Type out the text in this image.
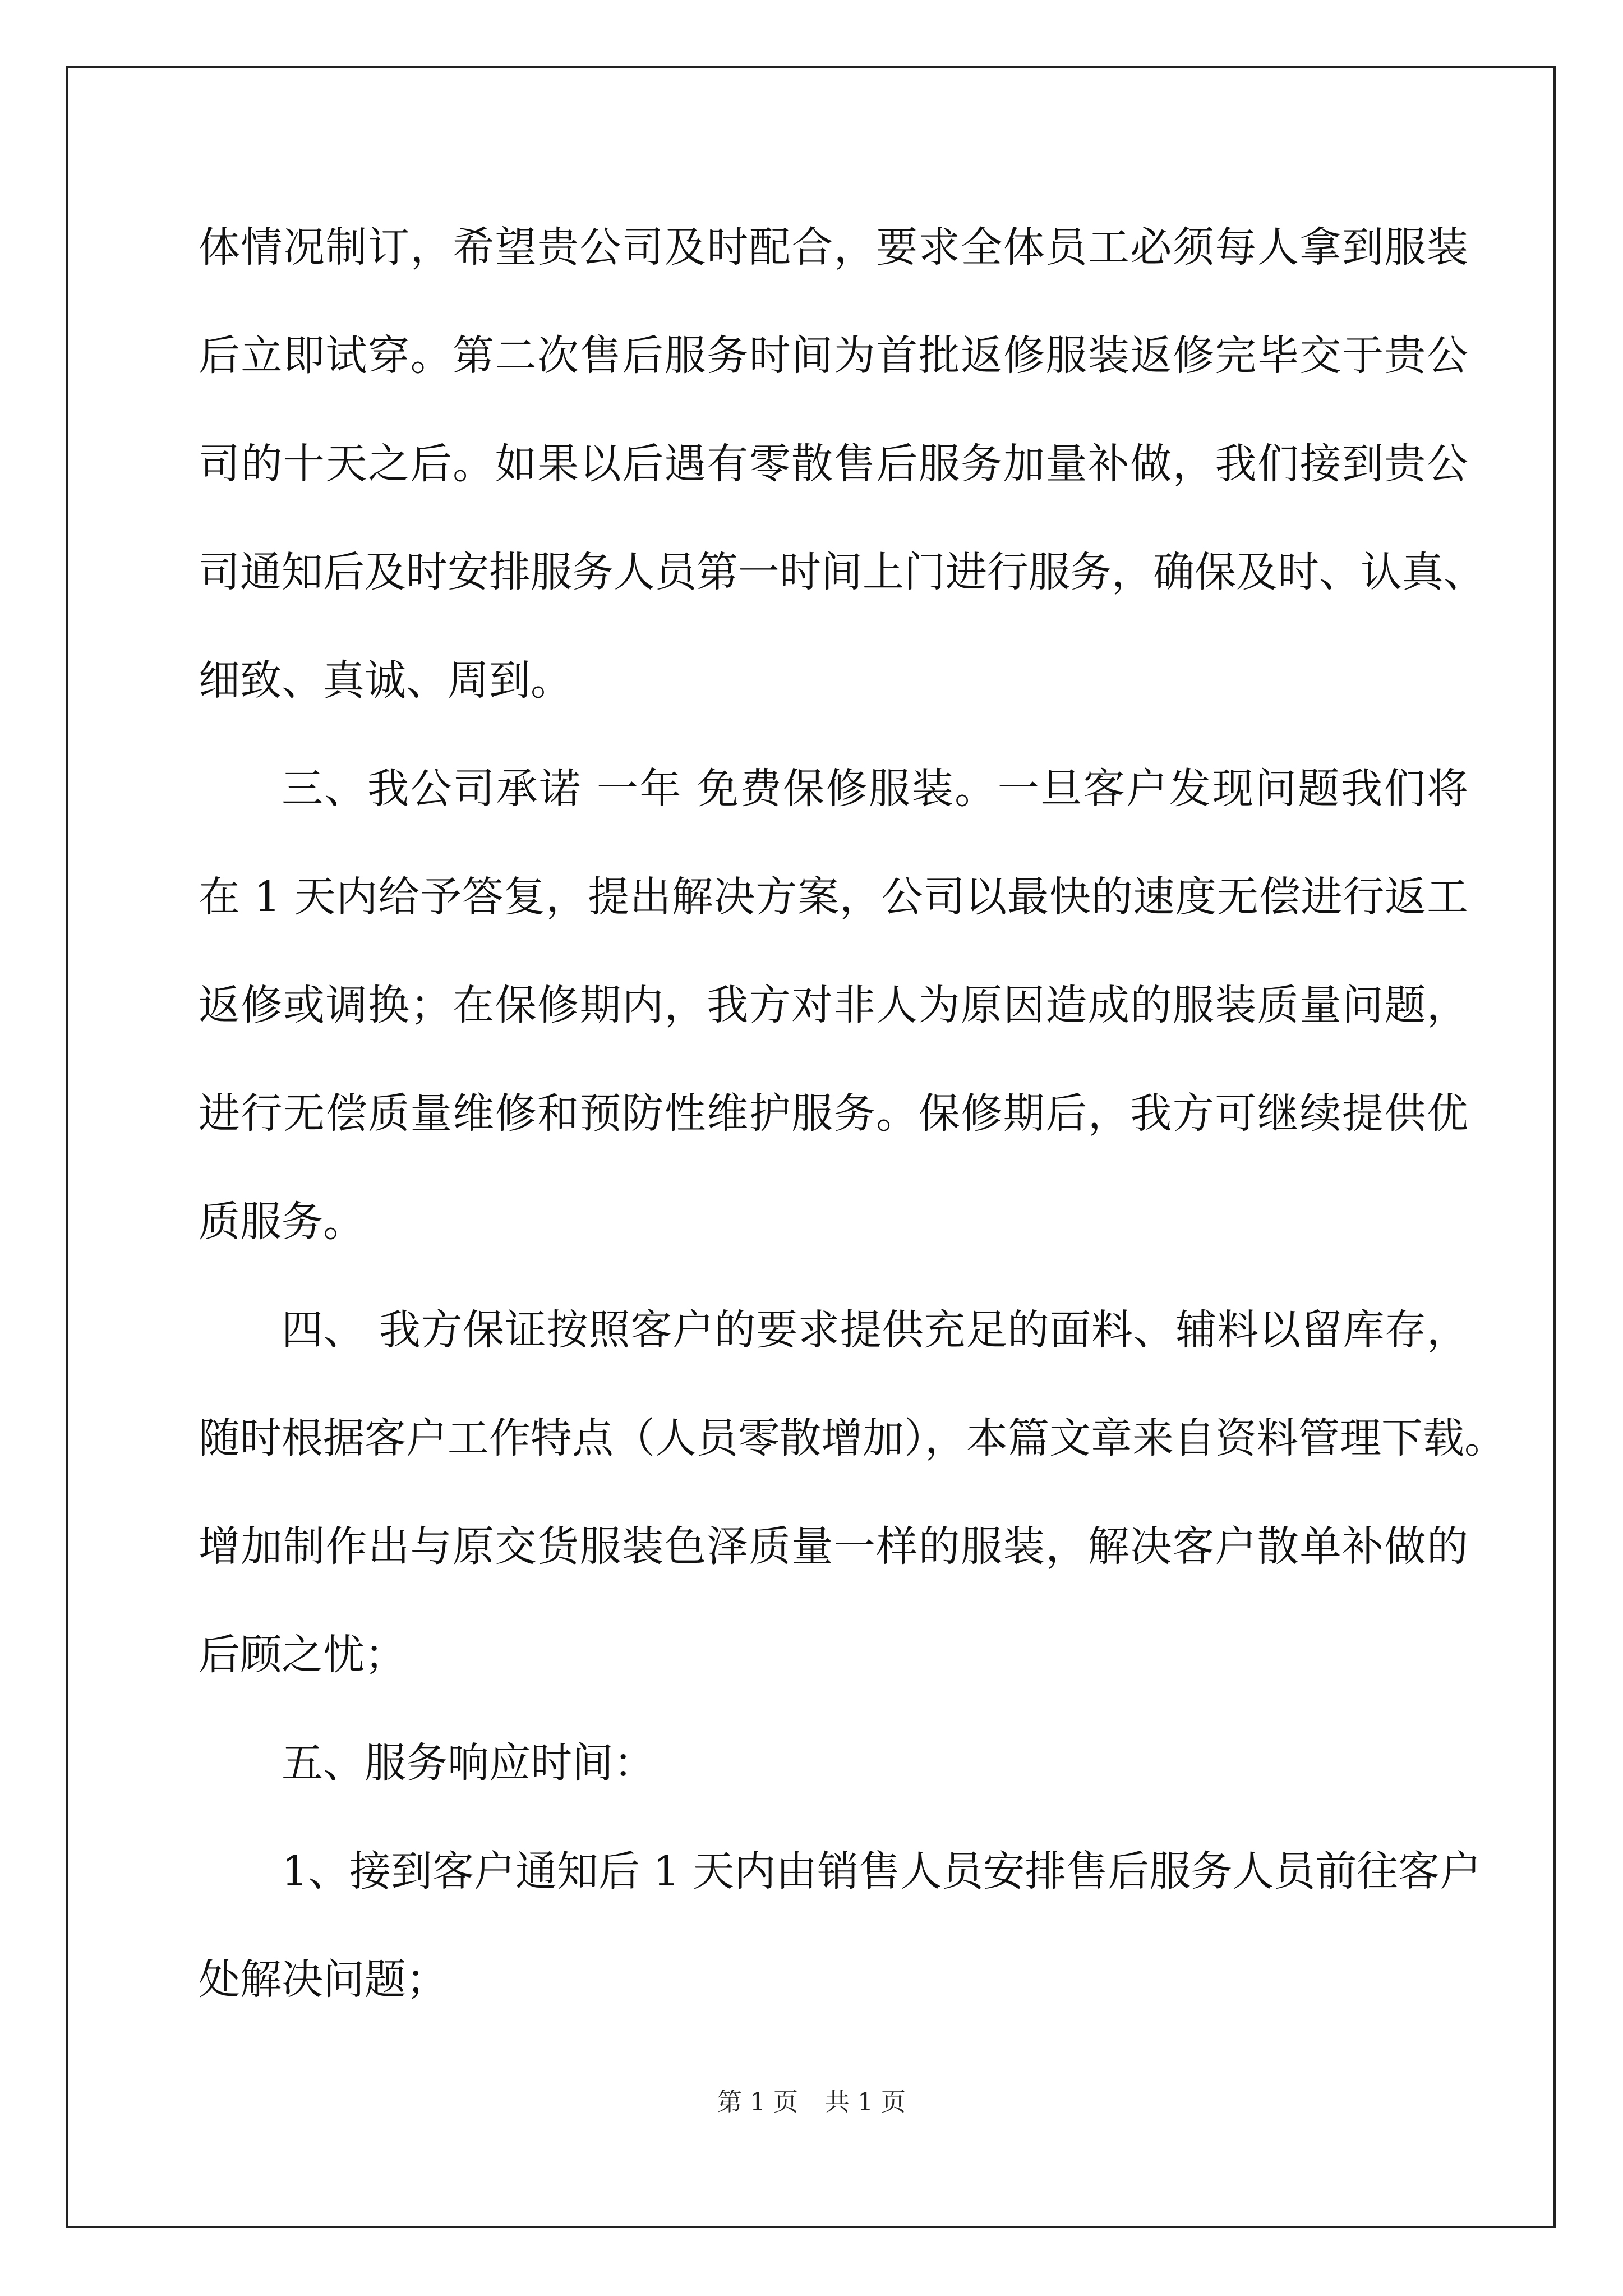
体情况制订，希望贵公司及时配合，要求全体员工必须每人拿到服装
后立即试穿。第二次售后服务时间为首批返修服装返修完毕交于贵公
司的十天之后。如果以后遇有零散售后服务加量补做，我们接到贵公
司通知后及时安排服务人员第一时间上门进行服务，确保及时、认真、
细致、真诚、周到。
三、我公司承诺 一年 免费保修服装。一旦客户发现问题我们将
在 1 天内给予答复，提出解决方案，公司以最快的速度无偿进行返工
返修或调换；在保修期内，我方对非人为原因造成的服装质量问题，
进行无偿质量维修和预防性维护服务。保修期后，我方可继续提供优
质服务。
四、 我方保证按照客户的要求提供充足的面料、辅料以留库存，
随时根据客户工作特点（人员零散增加），本篇文章来自资料管理下载。
增加制作出与原交货服装色泽质量一样的服装，解决客户散单补做的
后顾之忧；
五、服务响应时间：
1、接到客户通知后 1 天内由销售人员安排售后服务人员前往客户
处解决问题；
第 1 页 共 1 页
